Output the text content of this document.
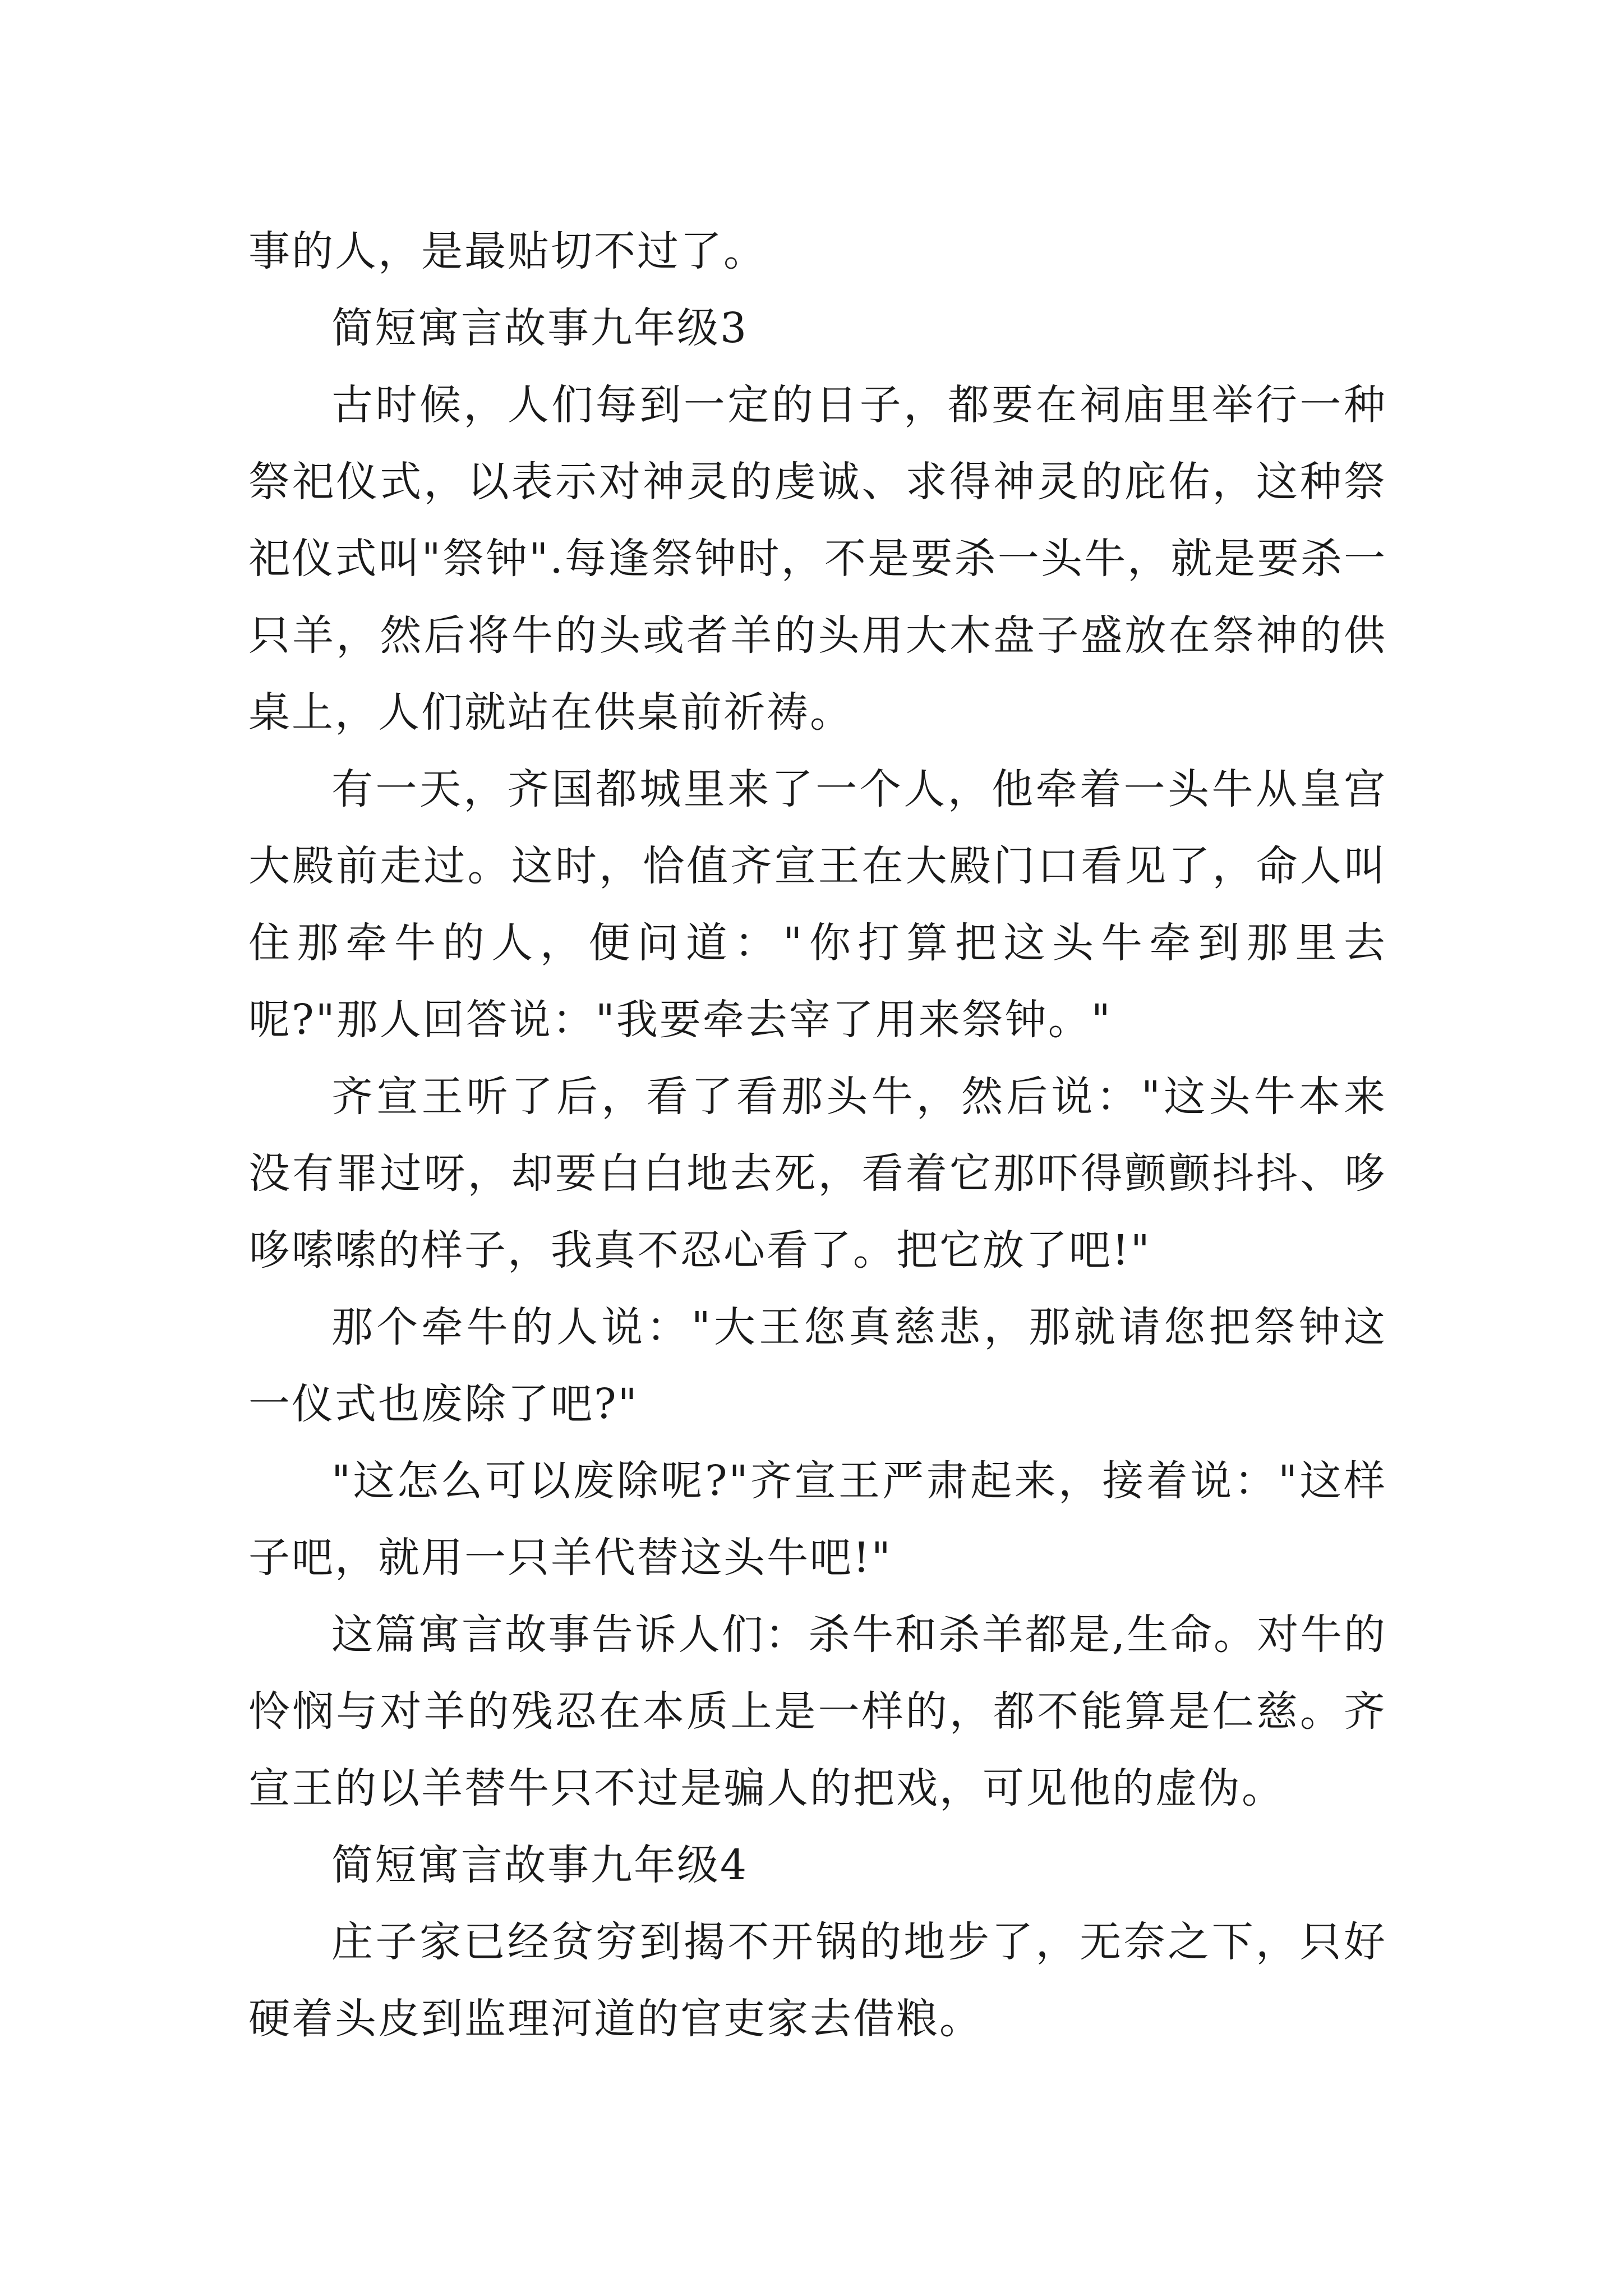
事的人，是最贴切不过了。

简短寓言故事九年级3

古时候，人们每到一定的日子，都要在祠庙里举行一种祭祀仪式，以表示对神灵的虔诚、求得神灵的庇佑，这种祭祀仪式叫"祭钟".每逢祭钟时，不是要杀一头牛，就是要杀一只羊，然后将牛的头或者羊的头用大木盘子盛放在祭神的供桌上，人们就站在供桌前祈祷。

有一天，齐国都城里来了一个人，他牵着一头牛从皇宫大殿前走过。这时，恰值齐宣王在大殿门口看见了，命人叫住那牵牛的人，便问道："你打算把这头牛牵到那里去呢?"那人回答说："我要牵去宰了用来祭钟。"

齐宣王听了后，看了看那头牛，然后说："这头牛本来没有罪过呀，却要白白地去死，看着它那吓得颤颤抖抖、哆哆嗦嗦的样子，我真不忍心看了。把它放了吧!"

那个牵牛的人说："大王您真慈悲，那就请您把祭钟这一仪式也废除了吧?"

"这怎么可以废除呢?"齐宣王严肃起来，接着说："这样子吧，就用一只羊代替这头牛吧!"

这篇寓言故事告诉人们：杀牛和杀羊都是,生命。对牛的怜悯与对羊的残忍在本质上是一样的，都不能算是仁慈。齐宣王的以羊替牛只不过是骗人的把戏，可见他的虚伪。

简短寓言故事九年级4

庄子家已经贫穷到揭不开锅的地步了，无奈之下，只好硬着头皮到监理河道的官吏家去借粮。
